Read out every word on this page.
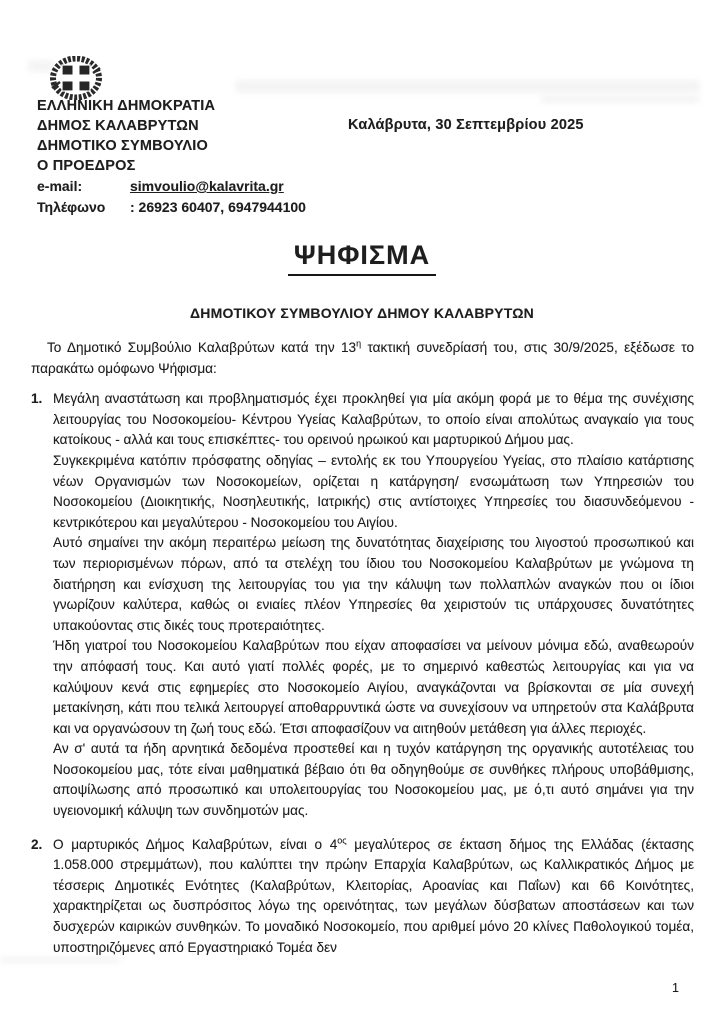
ΕΛΛΗΝΙΚΗ ΔΗΜΟΚΡΑΤΙΑ
ΔΗΜΟΣ ΚΑΛΑΒΡΥΤΩΝ
ΔΗΜΟΤΙΚΟ ΣΥΜΒΟΥΛΙΟ
Ο ΠΡΟΕΔΡΟΣ
Καλάβρυτα, 30 Σεπτεμβρίου 2025
e-mail:	simvoulio@kalavrita.gr
Τηλέφωνο	: 26923 60407, 6947944100
ΨΗΦΙΣΜΑ
ΔΗΜΟΤΙΚΟΥ ΣΥΜΒΟΥΛΙΟΥ ΔΗΜΟΥ ΚΑΛΑΒΡΥΤΩΝ

Το Δημοτικό Συμβούλιο Καλαβρύτων κατά την $13^\eta$ τακτική συνεδρίασή του, στις 30/9/2025, εξέδωσε το παρακάτω ομόφωνο Ψήφισμα:

1. Μεγάλη αναστάτωση και προβληματισμός έχει προκληθεί για μία ακόμη φορά με το θέμα της συνέχισης λειτουργίας του Νοσοκομείου- Κέντρου Υγείας Καλαβρύτων, το οποίο είναι απολύτως αναγκαίο για τους κατοίκους - αλλά και τους επισκέπτες- του ορεινού ηρωικού και μαρτυρικού Δήμου μας.

Συγκεκριμένα κατόπιν πρόσφατης οδηγίας – εντολής εκ του Υπουργείου Υγείας, στο πλαίσιο κατάρτισης νέων Οργανισμών των Νοσοκομείων, ορίζεται η κατάργηση/ ενσωμάτωση των Υπηρεσιών του Νοσοκομείου (Διοικητικής, Νοσηλευτικής, Ιατρικής) στις αντίστοιχες Υπηρεσίες του διασυνδεόμενου - κεντρικότερου και μεγαλύτερου - Νοσοκομείου του Αιγίου.

Αυτό σημαίνει την ακόμη περαιτέρω μείωση της δυνατότητας διαχείρισης του λιγοστού προσωπικού και των περιορισμένων πόρων, από τα στελέχη του ίδιου του Νοσοκομείου Καλαβρύτων με γνώμονα τη διατήρηση και ενίσχυση της λειτουργίας του για την κάλυψη των πολλαπλών αναγκών που οι ίδιοι γνωρίζουν καλύτερα, καθώς οι ενιαίες πλέον Υπηρεσίες θα χειριστούν τις υπάρχουσες δυνατότητες υπακούοντας στις δικές τους προτεραιότητες.

Ήδη γιατροί του Νοσοκομείου Καλαβρύτων που είχαν αποφασίσει να μείνουν μόνιμα εδώ, αναθεωρούν την απόφασή τους. Και αυτό γιατί πολλές φορές, με το σημερινό καθεστώς λειτουργίας και για να καλύψουν κενά στις εφημερίες στο Νοσοκομείο Αιγίου, αναγκάζονται να βρίσκονται σε μία συνεχή μετακίνηση, κάτι που τελικά λειτουργεί αποθαρρυντικά ώστε να συνεχίσουν να υπηρετούν στα Καλάβρυτα και να οργανώσουν τη ζωή τους εδώ. Έτσι αποφασίζουν να αιτηθούν μετάθεση για άλλες περιοχές.

Αν σ' αυτά τα ήδη αρνητικά δεδομένα προστεθεί και η τυχόν κατάργηση της οργανικής αυτοτέλειας του Νοσοκομείου μας, τότε είναι μαθηματικά βέβαιο ότι θα οδηγηθούμε σε συνθήκες πλήρους υποβάθμισης, αποψίλωσης από προσωπικό και υπολειτουργίας του Νοσοκομείου μας, με ό,τι αυτό σημάνει για την υγειονομική κάλυψη των συνδημοτών μας.

2. Ο μαρτυρικός Δήμος Καλαβρύτων, είναι ο $4^{o\varsigma}$ μεγαλύτερος σε έκταση δήμος της Ελλάδας (έκτασης 1.058.000 στρεμμάτων), που καλύπτει την πρώην Επαρχία Καλαβρύτων, ως Καλλικρατικός Δήμος με τέσσερις Δημοτικές Ενότητες (Καλαβρύτων, Κλειτορίας, Αροανίας και Παΐων) και 66 Κοινότητες, χαρακτηρίζεται ως δυσπρόσιτος λόγω της ορεινότητας, των μεγάλων δύσβατων αποστάσεων και των δυσχερών καιρικών συνθηκών. Το μοναδικό Νοσοκομείο, που αριθμεί μόνο 20 κλίνες Παθολογικού τομέα, υποστηριζόμενες από Εργαστηριακό Τομέα δεν

1
